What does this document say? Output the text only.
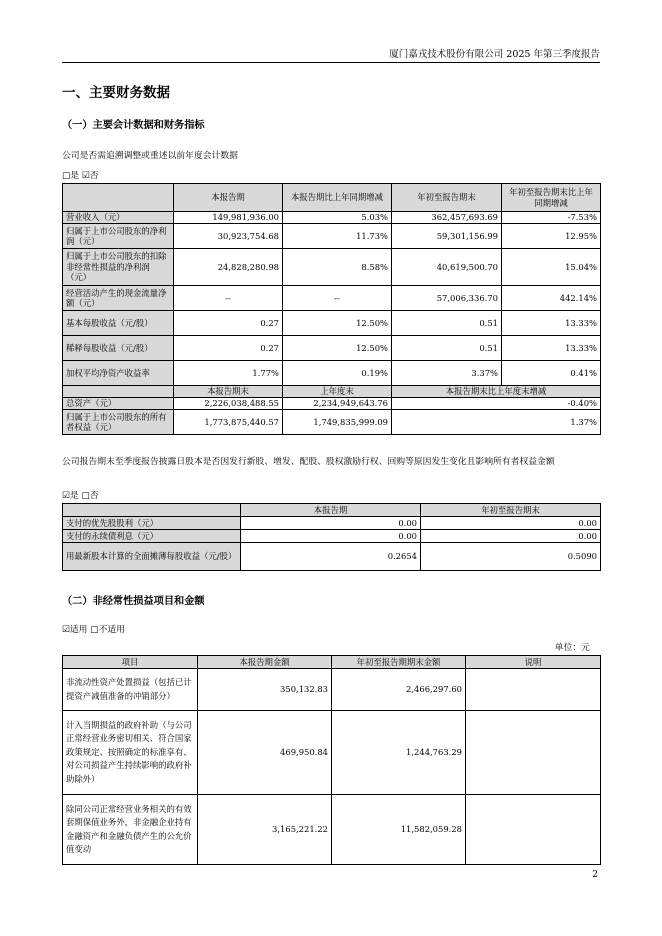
厦门嘉戎技术股份有限公司 2025 年第三季度报告
一、主要财务数据
（一）主要会计数据和财务指标
公司是否需追溯调整或重述以前年度会计数据
□是 ☑否
	本报告期	本报告期比上年同期增减	年初至报告期末	年初至报告期末比上年同期增减
营业收入（元）	149,981,936.00	5.03%	362,457,693.69	-7.53%
归属于上市公司股东的净利润（元）	30,923,754.68	11.73%	59,301,156.99	12.95%
归属于上市公司股东的扣除非经常性损益的净利润（元）	24,828,280.98	8.58%	40,619,500.70	15.04%
经营活动产生的现金流量净额（元）	--	--	57,006,336.70	442.14%
基本每股收益（元/股）	0.27	12.50%	0.51	13.33%
稀释每股收益（元/股）	0.27	12.50%	0.51	13.33%
加权平均净资产收益率	1.77%	0.19%	3.37%	0.41%
	本报告期末	上年度末	本报告期末比上年度末增减	
总资产（元）	2,226,038,488.55	2,234,949,643.76	-0.40%	
归属于上市公司股东的所有者权益（元）	1,773,875,440.57	1,749,835,999.09	1.37%	
公司报告期末至季度报告披露日股本是否因发行新股、增发、配股、股权激励行权、回购等原因发生变化且影响所有者权益金额
☑是 □否
	本报告期	年初至报告期末
支付的优先股股利（元）	0.00	0.00
支付的永续债利息（元）	0.00	0.00
用最新股本计算的全面摊薄每股收益（元/股）	0.2654	0.5090
（二）非经常性损益项目和金额
☑适用 □不适用
单位：元
项目	本报告期金额	年初至报告期期末金额	说明
非流动性资产处置损益（包括已计提资产减值准备的冲销部分）	350,132.83	2,466,297.60	
计入当期损益的政府补助（与公司正常经营业务密切相关、符合国家政策规定、按照确定的标准享有、对公司损益产生持续影响的政府补助除外）	469,950.84	1,244,763.29	
除同公司正常经营业务相关的有效套期保值业务外，非金融企业持有金融资产和金融负债产生的公允价值变动	3,165,221.22	11,582,059.28	
2
